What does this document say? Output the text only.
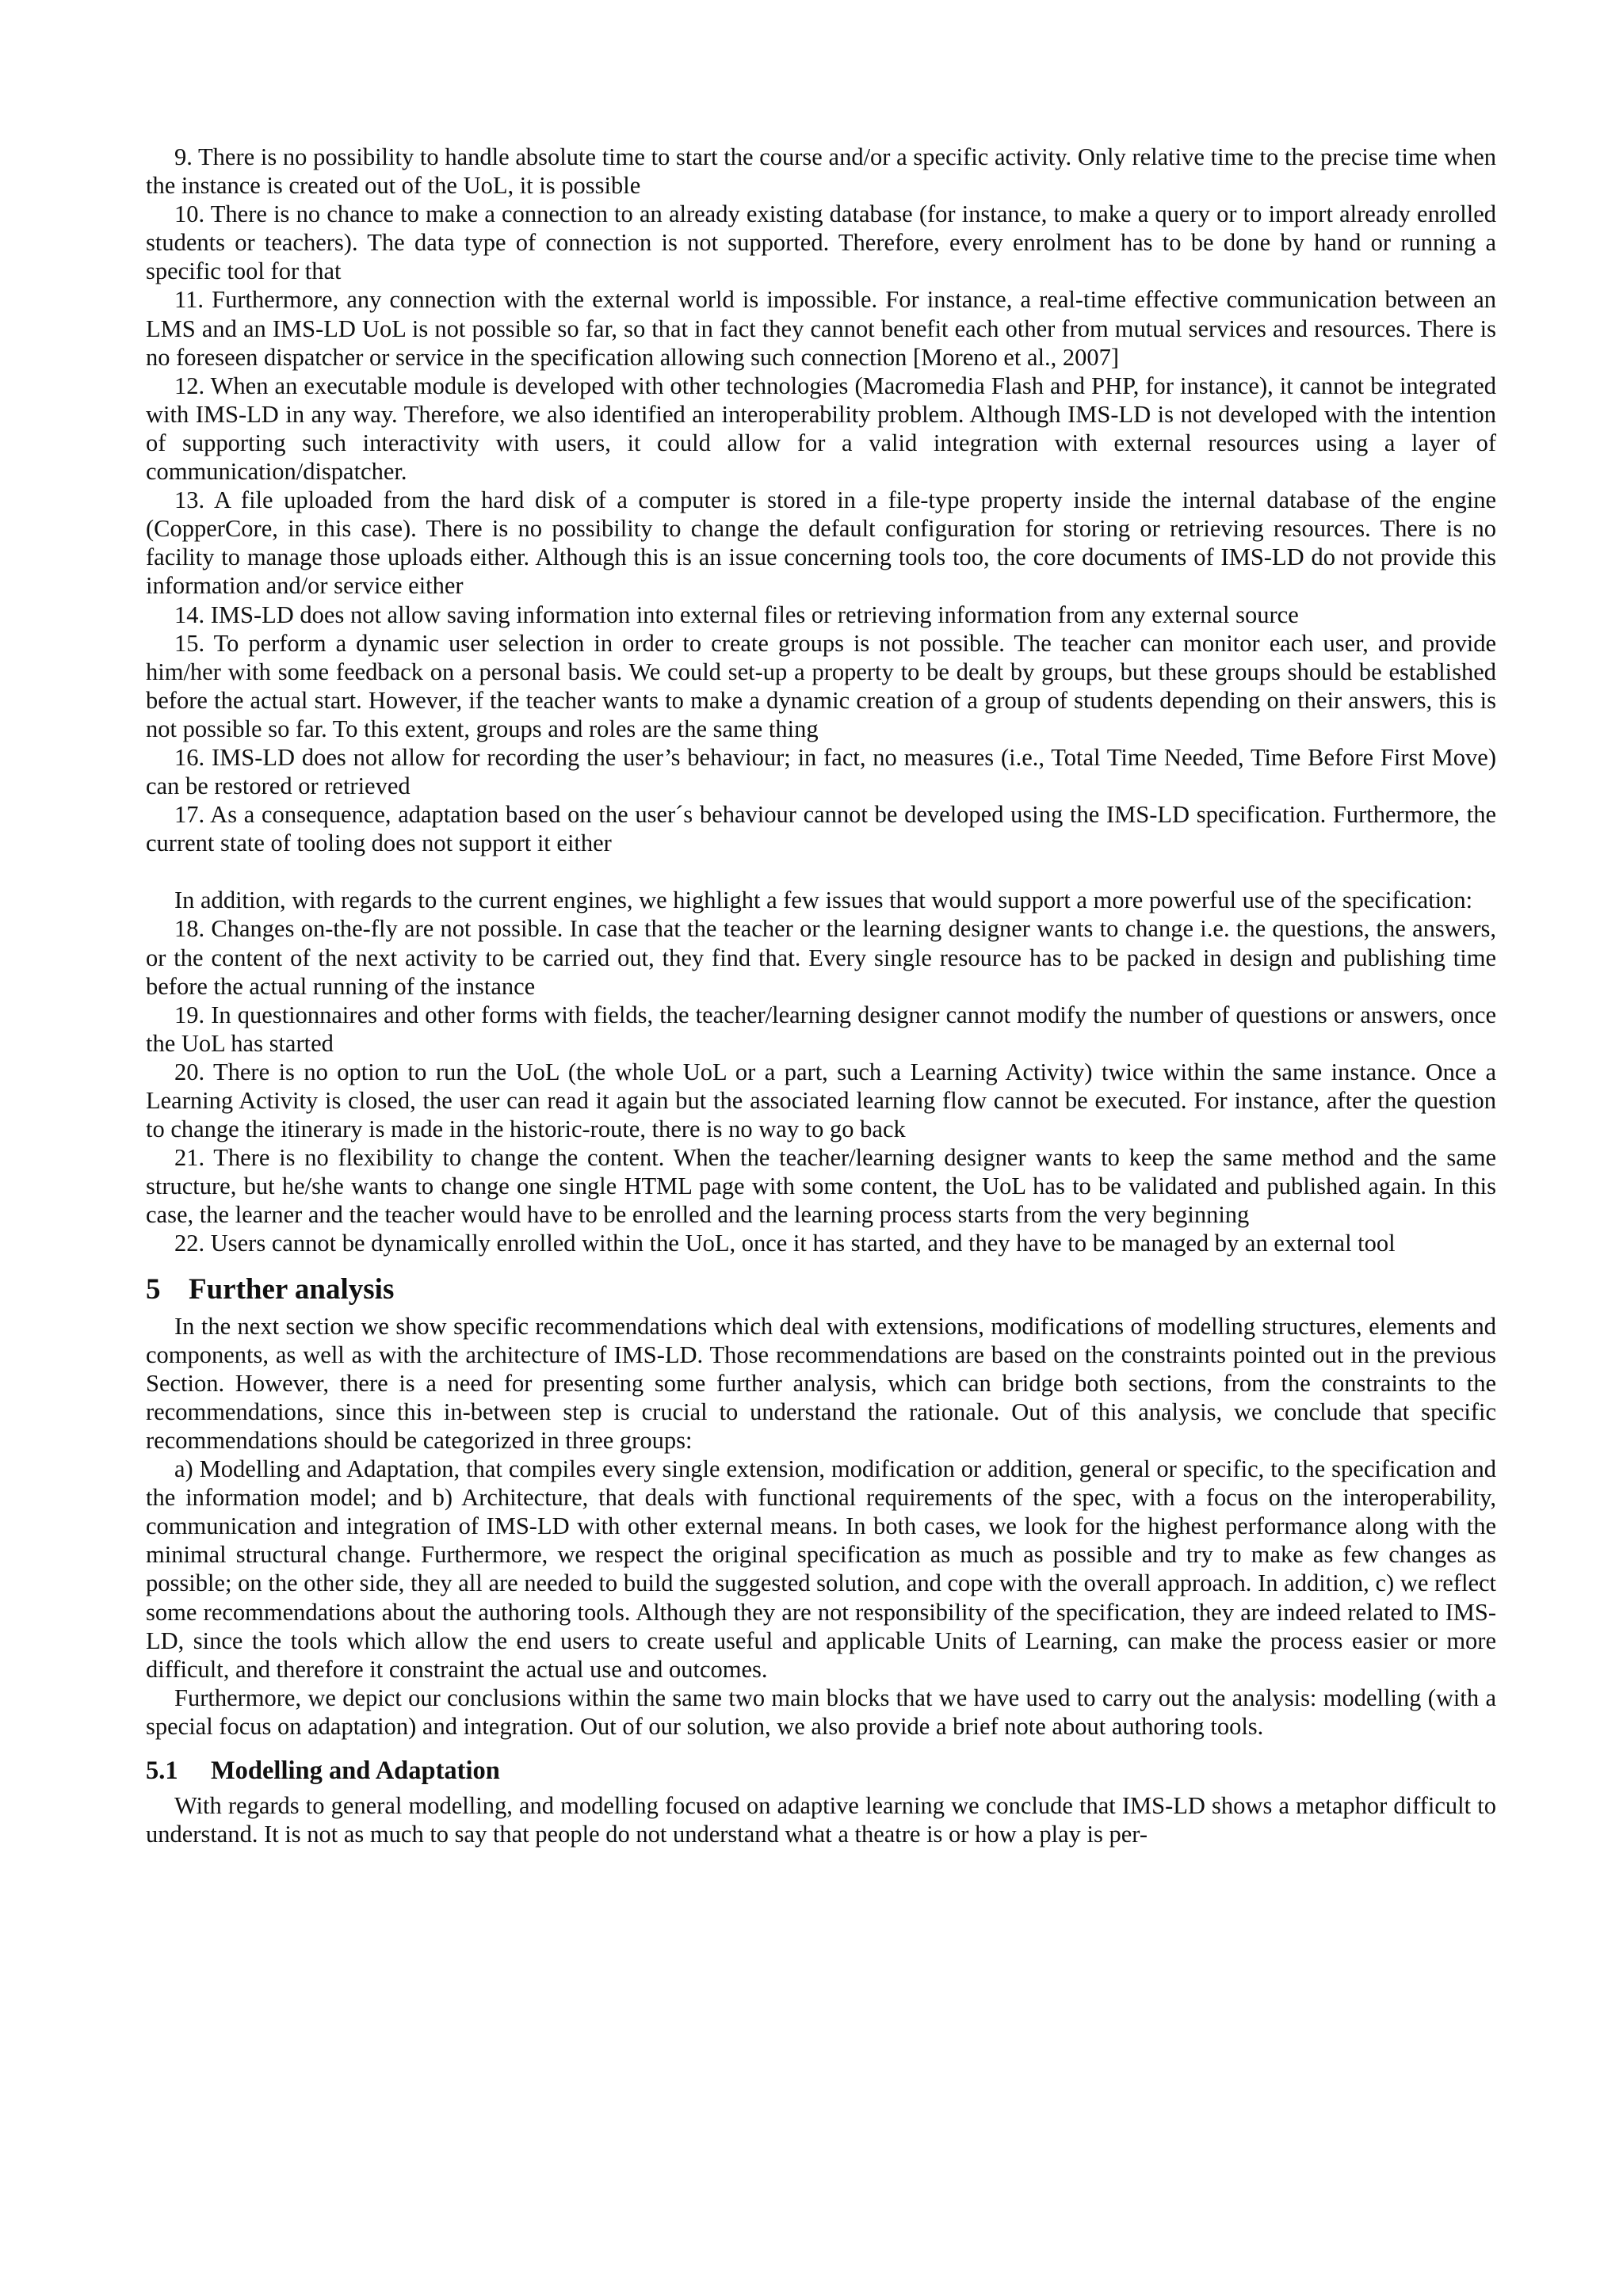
9. There is no possibility to handle absolute time to start the course and/or a specific activity. Only relative time to the precise time when the instance is created out of the UoL, it is possible

10. There is no chance to make a connection to an already existing database (for instance, to make a query or to import already enrolled students or teachers). The data type of connection is not supported. Therefore, every enrolment has to be done by hand or running a specific tool for that

11. Furthermore, any connection with the external world is impossible. For instance, a real-time effective communication between an LMS and an IMS-LD UoL is not possible so far, so that in fact they cannot benefit each other from mutual services and resources. There is no foreseen dispatcher or service in the specification allowing such connection [Moreno et al., 2007]

12. When an executable module is developed with other technologies (Macromedia Flash and PHP, for instance), it cannot be integrated with IMS-LD in any way. Therefore, we also identified an interoperability problem. Although IMS-LD is not developed with the intention of supporting such interactivity with users, it could allow for a valid integration with external resources using a layer of communication/dispatcher.

13. A file uploaded from the hard disk of a computer is stored in a file-type property inside the internal database of the engine (CopperCore, in this case). There is no possibility to change the default configuration for storing or retrieving resources. There is no facility to manage those uploads either. Although this is an issue concerning tools too, the core documents of IMS-LD do not provide this information and/or service either

14. IMS-LD does not allow saving information into external files or retrieving information from any external source

15. To perform a dynamic user selection in order to create groups is not possible. The teacher can monitor each user, and provide him/her with some feedback on a personal basis. We could set-up a property to be dealt by groups, but these groups should be established before the actual start. However, if the teacher wants to make a dynamic creation of a group of students depending on their answers, this is not possible so far. To this extent, groups and roles are the same thing

16. IMS-LD does not allow for recording the user’s behaviour; in fact, no measures (i.e., Total Time Needed, Time Before First Move) can be restored or retrieved

17. As a consequence, adaptation based on the user´s behaviour cannot be developed using the IMS-LD specification. Furthermore, the current state of tooling does not support it either

In addition, with regards to the current engines, we highlight a few issues that would support a more powerful use of the specification:

18. Changes on-the-fly are not possible. In case that the teacher or the learning designer wants to change i.e. the questions, the answers, or the content of the next activity to be carried out, they find that. Every single resource has to be packed in design and publishing time before the actual running of the instance

19. In questionnaires and other forms with fields, the teacher/learning designer cannot modify the number of questions or answers, once the UoL has started

20. There is no option to run the UoL (the whole UoL or a part, such a Learning Activity) twice within the same instance. Once a Learning Activity is closed, the user can read it again but the associated learning flow cannot be executed. For instance, after the question to change the itinerary is made in the historic-route, there is no way to go back

21. There is no flexibility to change the content. When the teacher/learning designer wants to keep the same method and the same structure, but he/she wants to change one single HTML page with some content, the UoL has to be validated and published again. In this case, the learner and the teacher would have to be enrolled and the learning process starts from the very beginning

22. Users cannot be dynamically enrolled within the UoL, once it has started, and they have to be managed by an external tool

5 Further analysis

In the next section we show specific recommendations which deal with extensions, modifications of modelling structures, elements and components, as well as with the architecture of IMS-LD. Those recommendations are based on the constraints pointed out in the previous Section. However, there is a need for presenting some further analysis, which can bridge both sections, from the constraints to the recommendations, since this in-between step is crucial to understand the rationale. Out of this analysis, we conclude that specific recommendations should be categorized in three groups:

a) Modelling and Adaptation, that compiles every single extension, modification or addition, general or specific, to the specification and the information model; and b) Architecture, that deals with functional requirements of the spec, with a focus on the interoperability, communication and integration of IMS-LD with other external means. In both cases, we look for the highest performance along with the minimal structural change. Furthermore, we respect the original specification as much as possible and try to make as few changes as possible; on the other side, they all are needed to build the suggested solution, and cope with the overall approach. In addition, c) we reflect some recommendations about the authoring tools. Although they are not responsibility of the specification, they are indeed related to IMS-LD, since the tools which allow the end users to create useful and applicable Units of Learning, can make the process easier or more difficult, and therefore it constraint the actual use and outcomes.

Furthermore, we depict our conclusions within the same two main blocks that we have used to carry out the analysis: modelling (with a special focus on adaptation) and integration. Out of our solution, we also provide a brief note about authoring tools.

5.1 Modelling and Adaptation

With regards to general modelling, and modelling focused on adaptive learning we conclude that IMS-LD shows a metaphor difficult to understand. It is not as much to say that people do not understand what a theatre is or how a play is per-
